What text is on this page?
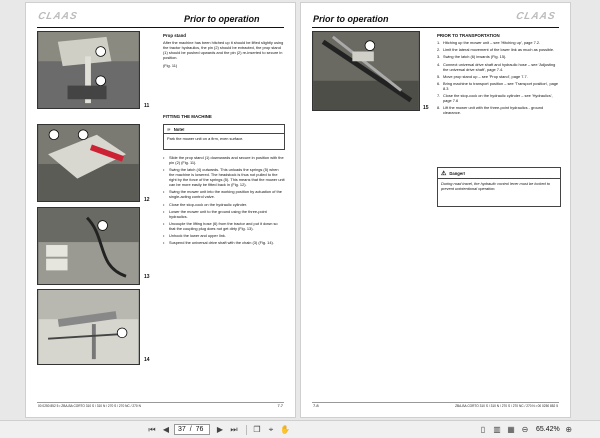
CLAAS	Prior to operation
11
12
13
14
Prop stand
After the machine has been hitched up it should be lifted slightly using the tractor hydraulics, the pin (2) should be extracted, the prop stand (1) should be pushed upwards and the pin (2) re-inserted to secure in position.
(Fig. 11)
FITTING THE MACHINE
☞ Note!
Park the mower unit on a firm, even surface.
• Slide the prop stand (1) downwards and secure in position with the pin (2) (Fig. 11).
• Swing the latch (4) outwards. This unloads the springs (5) when the machine is lowered. The headstock is thus not pulled to the right by the force of the springs (5). This means that the mower unit can be more easily be fitted back in (Fig. 12).
• Swing the mower unit into the working position by actuation of the single-acting control valve.
• Close the stop-cock on the hydraulic cylinder.
• Lower the mower unit to the ground using the three-point hydraulics.
• Uncouple the lifting hose (6) from the tractor and put it down so that the coupling plug does not get dirty (Fig. 13).
• Unhook the lower and upper link.
• Suspend the universal drive shaft with the chain (3) (Fig. 14).
00 0250 852 5 • ZBA-BA CORTO 310 S / 310 N / 270 S / 270 NC / 270 N	7.7
Prior to operation	CLAAS
15
PRIOR TO TRANSPORTATION
1. Hitching up the mower unit – see 'Hitching up', page 7.2.
2. Limit the lateral movement of the lower link as much as possible.
3. Swing the latch (6) inwards (Fig. 15).
4. Connect universal drive shaft and hydraulic hose – see 'Adjusting the universal drive shaft', page 7.4.
5. Move prop stand up – see 'Prop stand', page 7.7.
6. Bring machine to transport position – see 'Transport position', page 8.3
7. Close the stop-cock on the hydraulic cylinder – see 'Hydraulics', page 7.6
8. Lift the mower unit with the three-point hydraulics - ground clearance.
⚠ Danger!
During road travel, the hydraulic control lever must be locked to prevent unintentional operation.
7.8	ZBA-BA CORTO 310 S / 310 N / 270 S / 270 NC / 270 N • 00 0250 852 5
⏮ ◀	37 / 76	▶ ⏭ ❐ ⌖ ✋	▯ ▥ ▦ ⊖ 65.42% ⊕
